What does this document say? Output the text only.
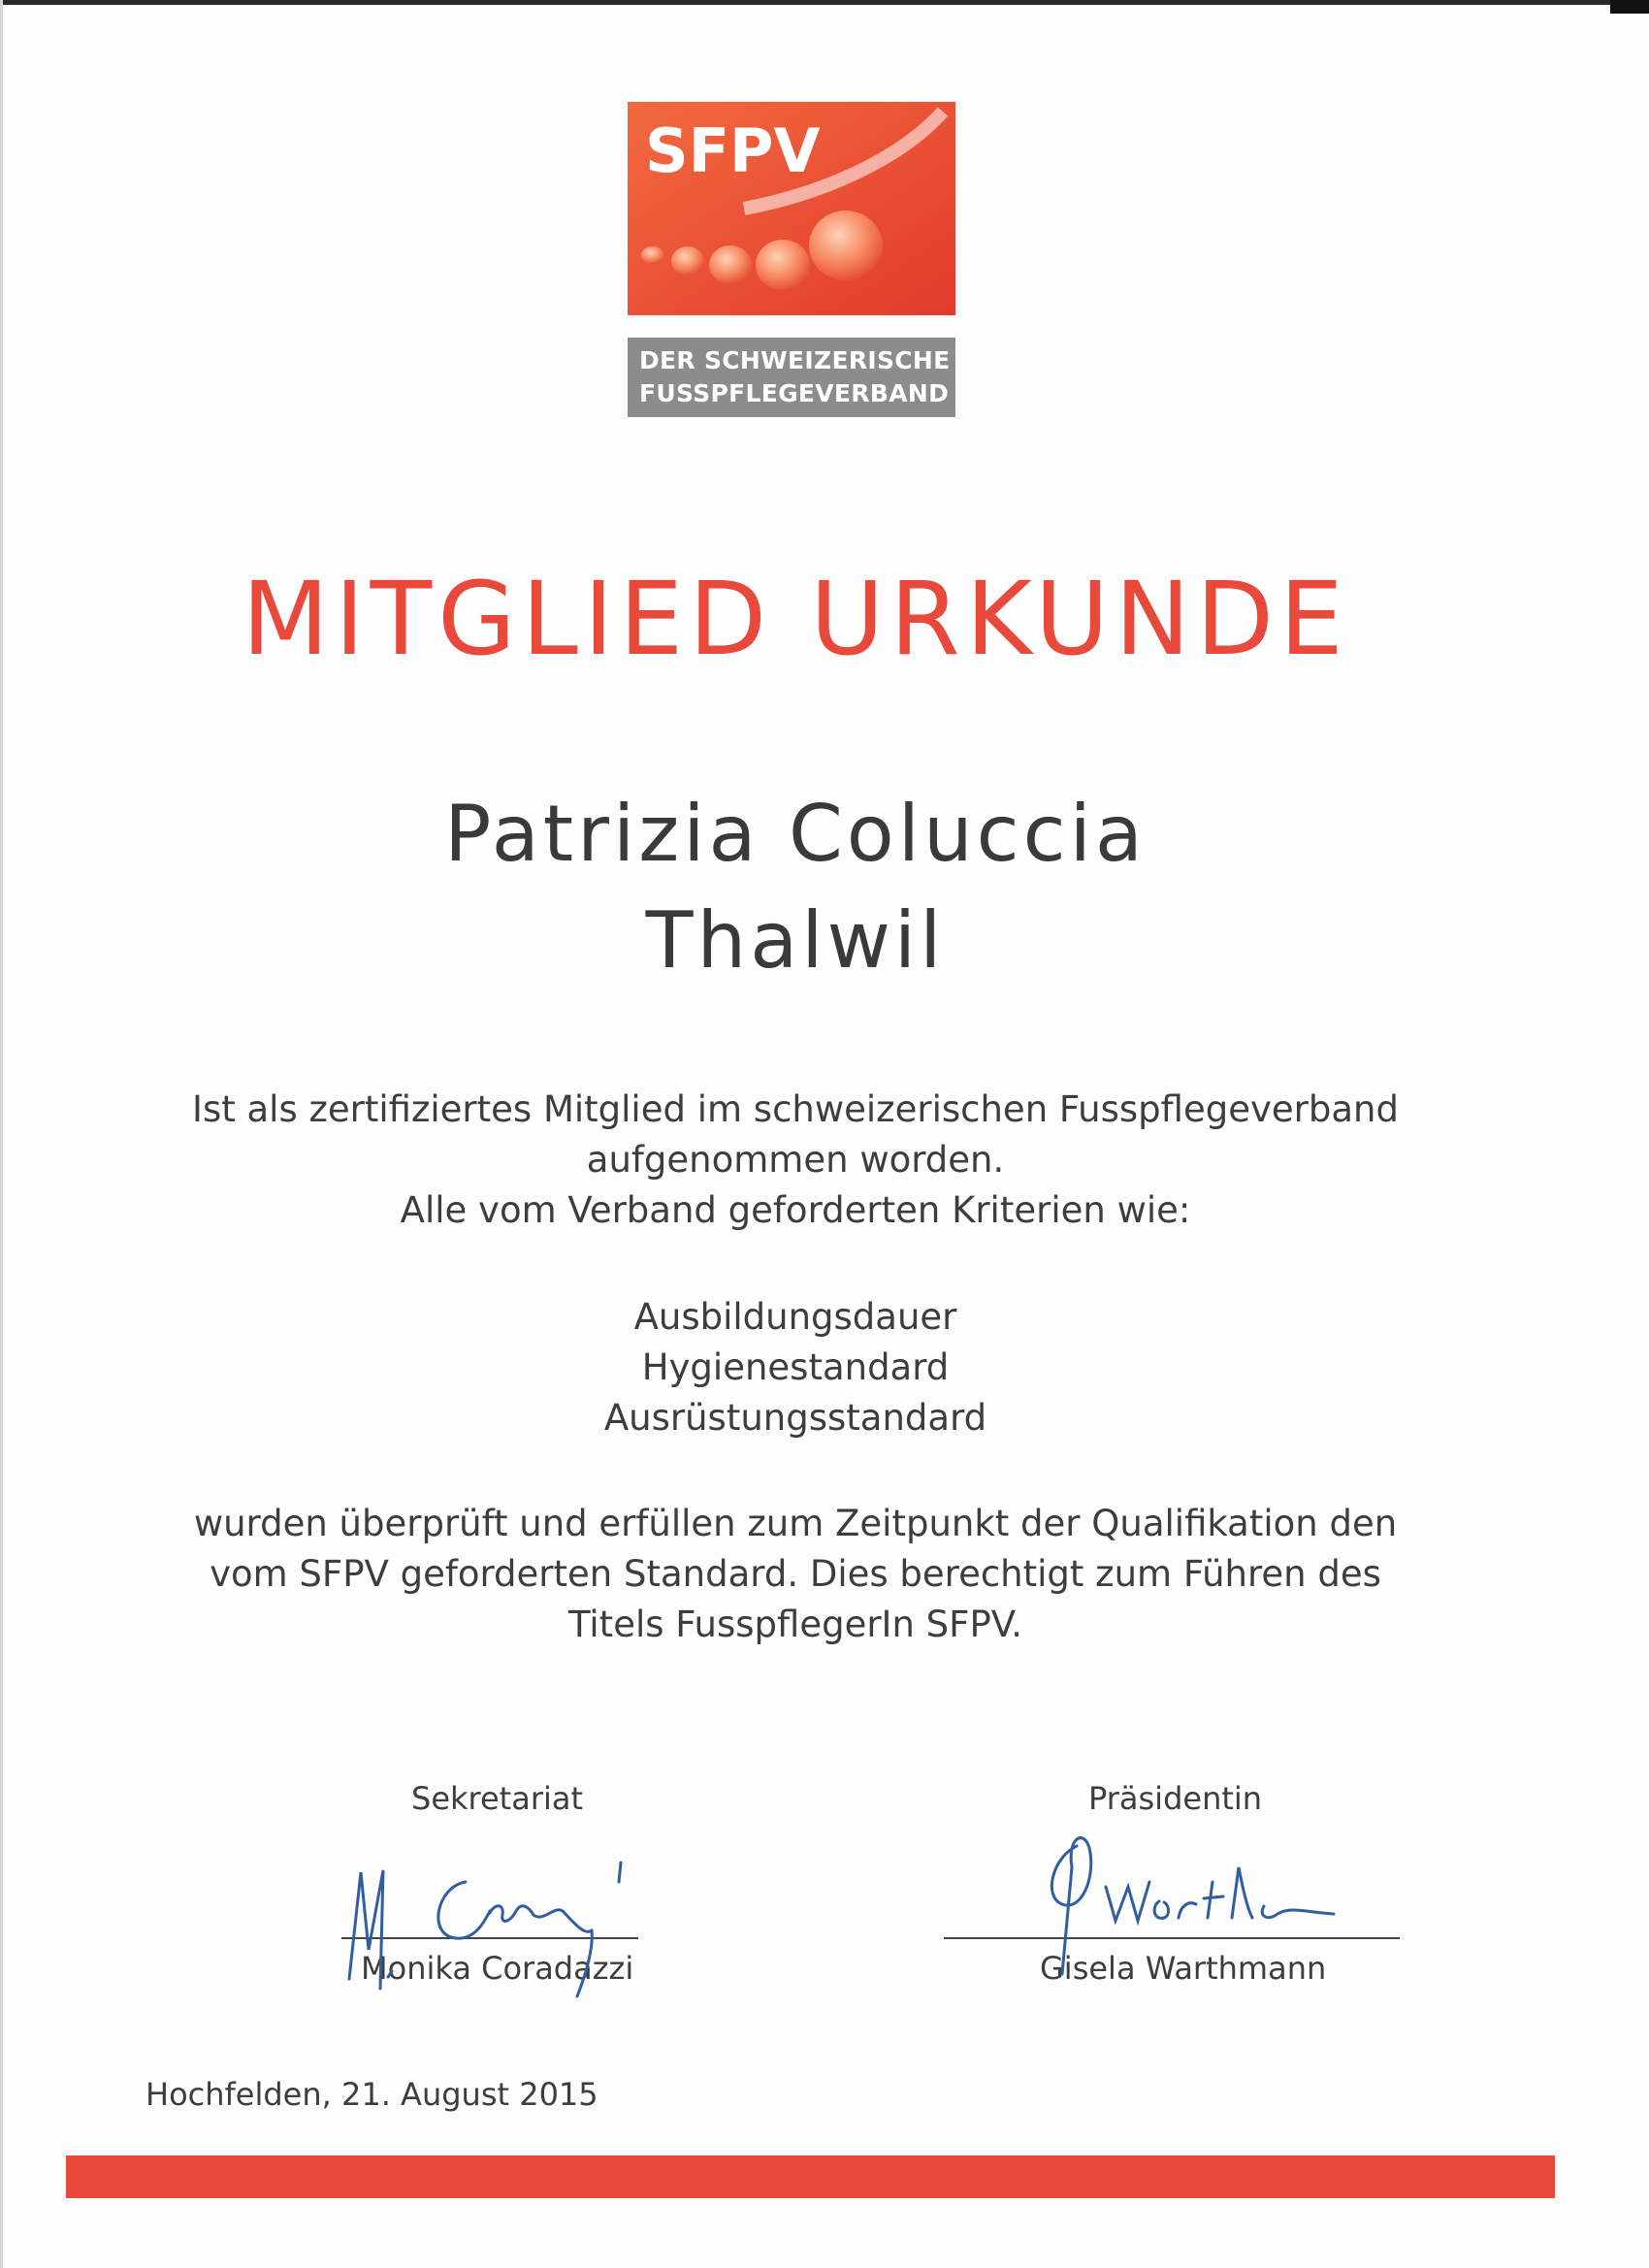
SFPV
DER SCHWEIZERISCHE
FUSSPFLEGEVERBAND
MITGLIED URKUNDE
Patrizia Coluccia
Thalwil
Ist als zertifiziertes Mitglied im schweizerischen Fusspflegeverband
aufgenommen worden.
Alle vom Verband geforderten Kriterien wie:
Ausbildungsdauer
Hygienestandard
Ausrüstungsstandard
wurden überprüft und erfüllen zum Zeitpunkt der Qualifikation den
vom SFPV geforderten Standard. Dies berechtigt zum Führen des
Titels FusspflegerIn SFPV.
Sekretariat	Präsidentin
Monika Coradazzi	Gisela Warthmann
Hochfelden, 21. August 2015
